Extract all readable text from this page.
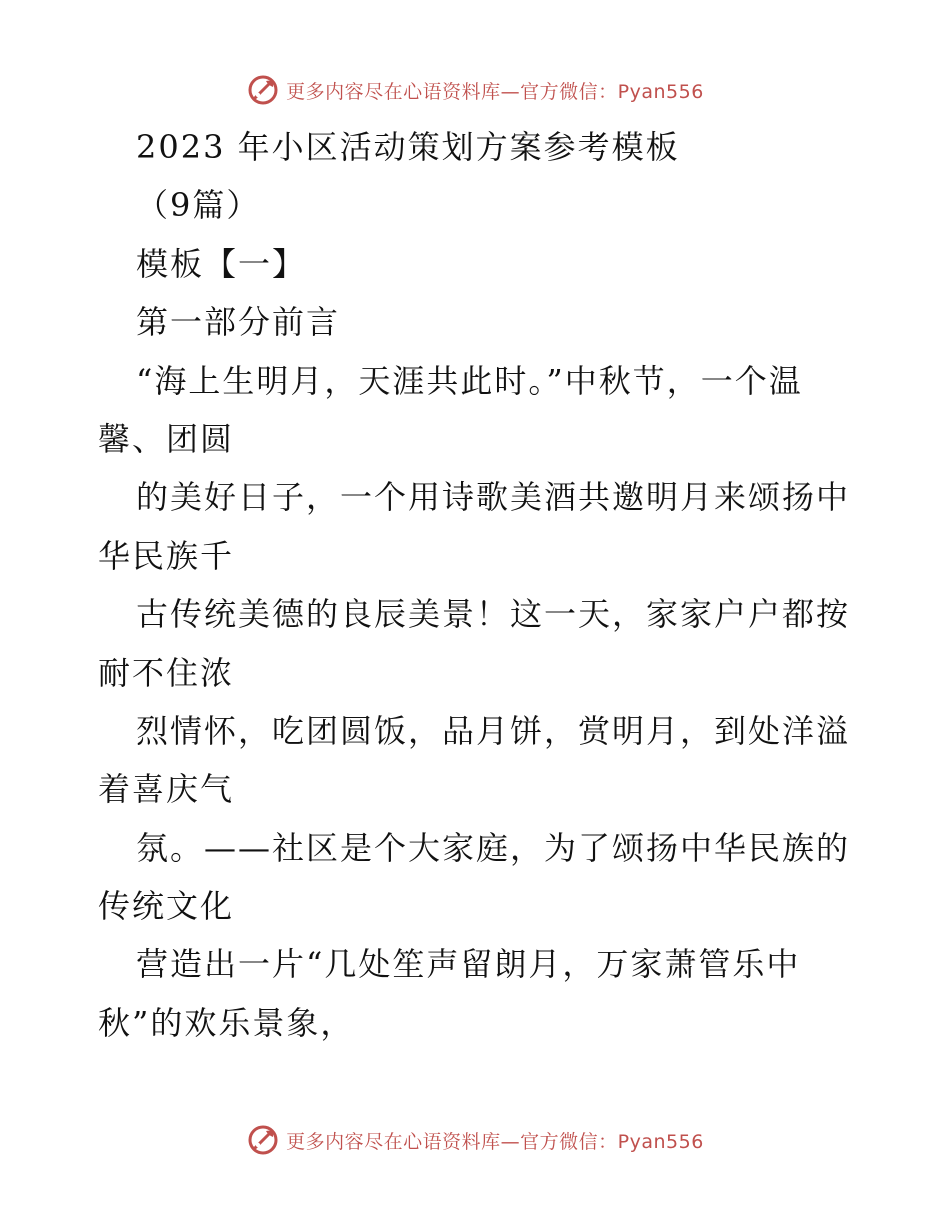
更多内容尽在心语资料库—官方微信：Pyan556
2023 年小区活动策划方案参考模板
（9篇）
模板【一】
第一部分前言
“海上生明月，天涯共此时。”中秋节，一个温
馨、团圆
的美好日子，一个用诗歌美酒共邀明月来颂扬中
华民族千
古传统美德的良辰美景！这一天，家家户户都按
耐不住浓
烈情怀，吃团圆饭，品月饼，赏明月，到处洋溢
着喜庆气
氛。——社区是个大家庭，为了颂扬中华民族的
传统文化
营造出一片“几处笙声留朗月，万家萧管乐中
秋”的欢乐景象，
更多内容尽在心语资料库—官方微信：Pyan556
